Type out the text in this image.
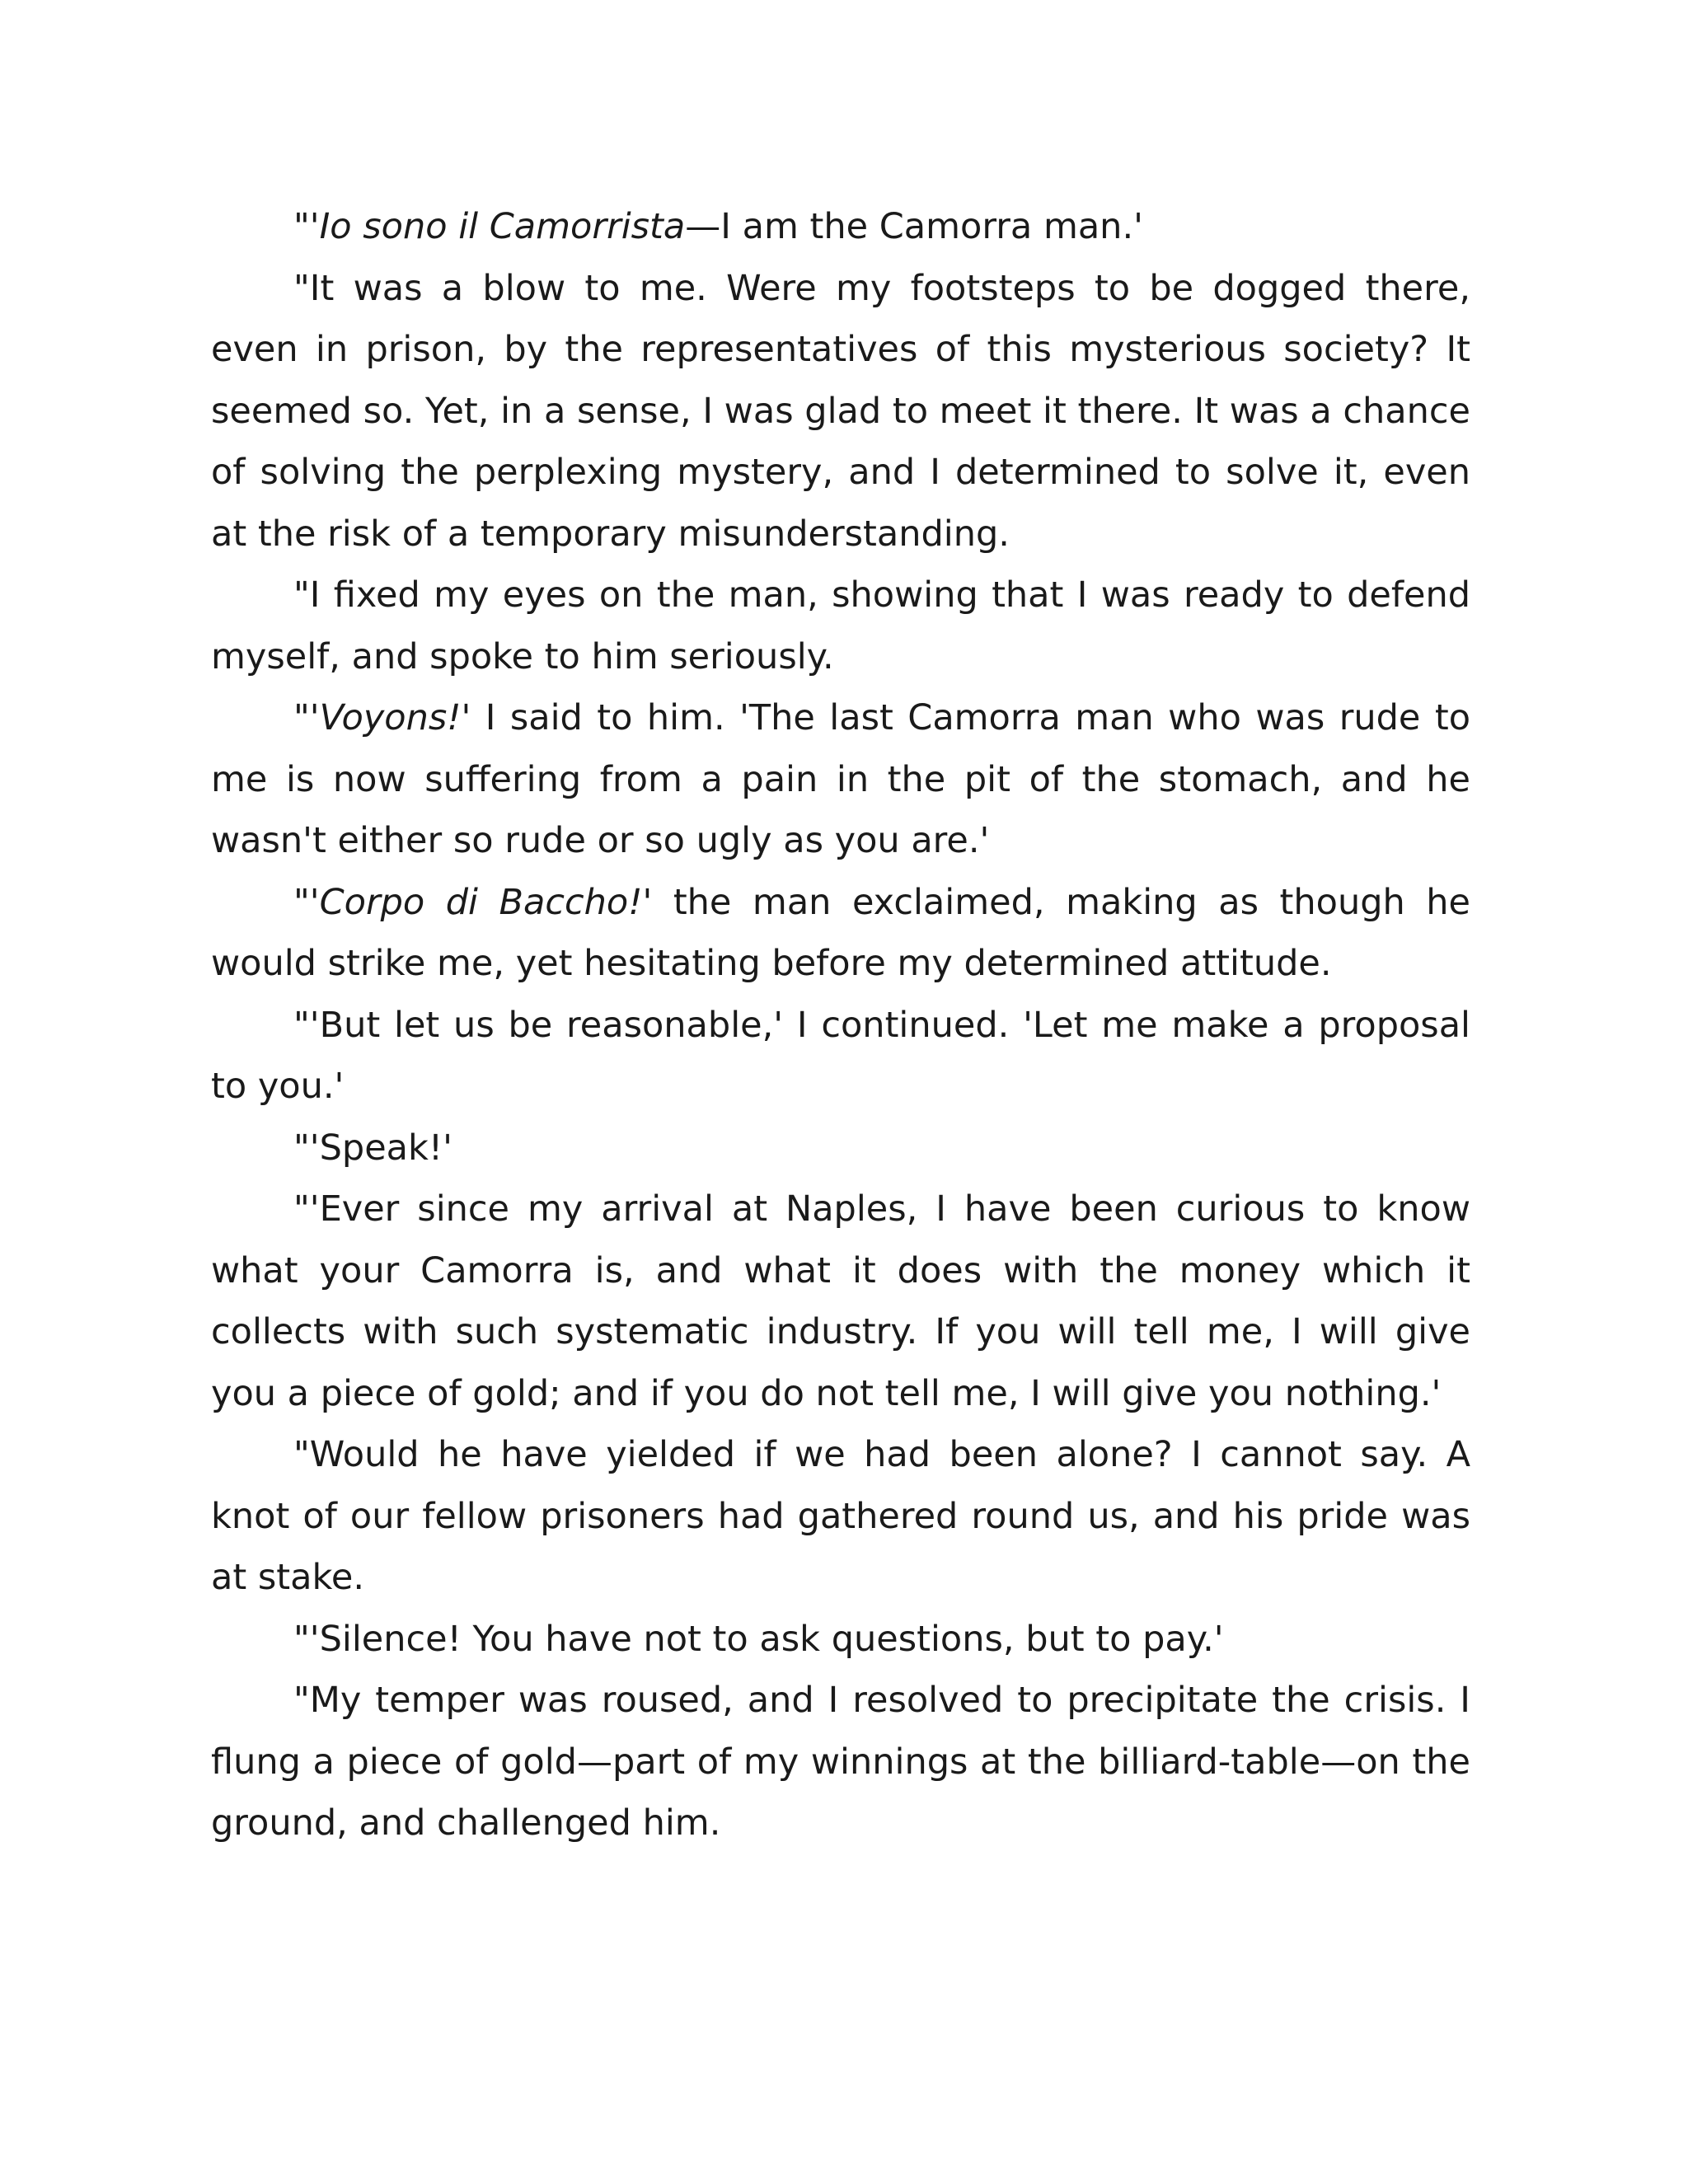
"'Io sono il Camorrista—I am the Camorra man.'

"It was a blow to me. Were my footsteps to be dogged there, even in prison, by the representatives of this mysterious society? It seemed so. Yet, in a sense, I was glad to meet it there. It was a chance of solving the perplexing mystery, and I determined to solve it, even at the risk of a temporary misunderstanding.

"I fixed my eyes on the man, showing that I was ready to defend myself, and spoke to him seriously.

"'Voyons!' I said to him. 'The last Camorra man who was rude to me is now suffering from a pain in the pit of the stomach, and he wasn't either so rude or so ugly as you are.'

"'Corpo di Baccho!' the man exclaimed, making as though he would strike me, yet hesitating before my determined attitude.

"'But let us be reasonable,' I continued. 'Let me make a proposal to you.'

"'Speak!'

"'Ever since my arrival at Naples, I have been curious to know what your Camorra is, and what it does with the money which it collects with such systematic industry. If you will tell me, I will give you a piece of gold; and if you do not tell me, I will give you nothing.'

"Would he have yielded if we had been alone? I cannot say. A knot of our fellow prisoners had gathered round us, and his pride was at stake.

"'Silence! You have not to ask questions, but to pay.'

"My temper was roused, and I resolved to precipitate the crisis. I flung a piece of gold—part of my winnings at the billiard-table—on the ground, and challenged him.
